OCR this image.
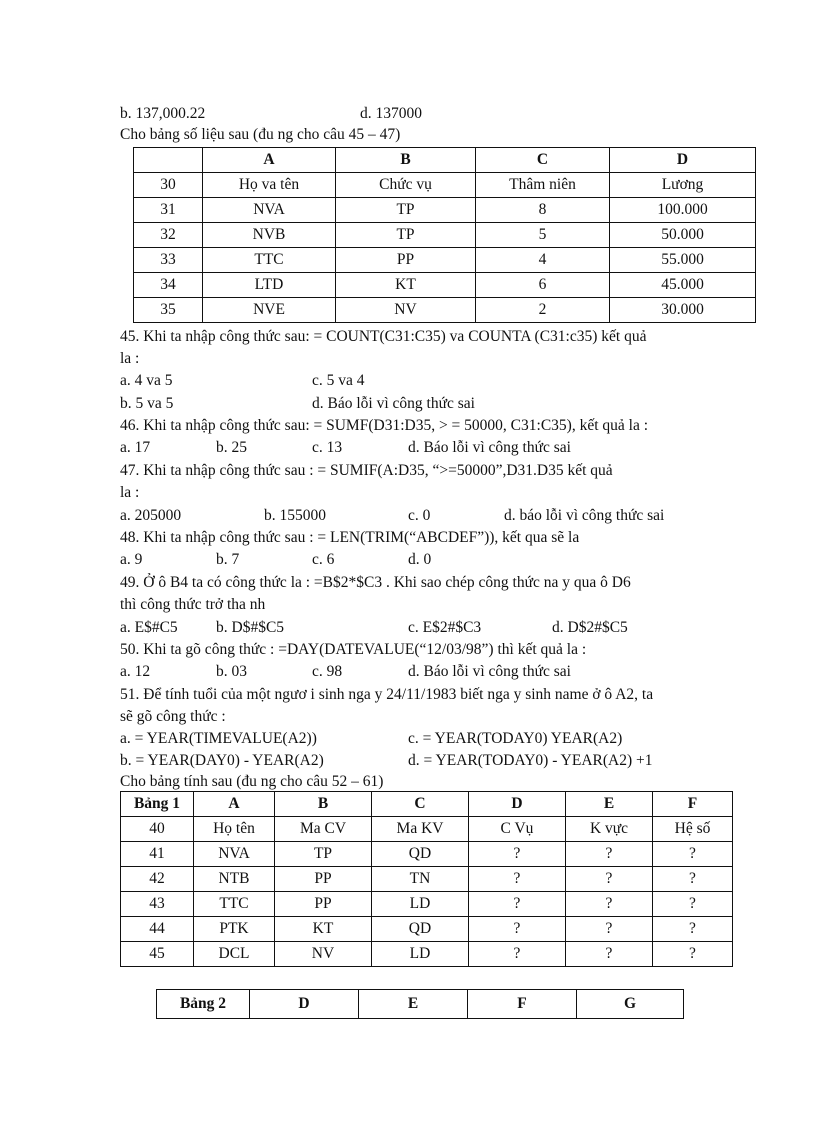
b. 137,000.22	d. 137000
Cho bảng số liệu sau (đu ng cho câu 45 – 47)
	A	B	C	D
30	Họ va tên	Chức vụ	Thâm niên	Lương
31	NVA	TP	8	100.000
32	NVB	TP	5	50.000
33	TTC	PP	4	55.000
34	LTD	KT	6	45.000
35	NVE	NV	2	30.000
45. Khi ta nhập công thức sau: = COUNT(C31:C35) va COUNTA (C31:c35) kết quả
la :
a. 4 va 5	c. 5 va 4
b. 5 va 5	d. Báo lỗi vì công thức sai
46. Khi ta nhập công thức sau: = SUMF(D31:D35, > = 50000, C31:C35), kết quả la :
a. 17	b. 25	c. 13	d. Báo lỗi vì công thức sai
47. Khi ta nhập công thức sau : = SUMIF(A:D35, “>=50000”,D31.D35 kết quả
la :
a. 205000	b. 155000	c. 0	d. báo lỗi vì công thức sai
48. Khi ta nhập công thức sau : = LEN(TRIM(“ABCDEF”)), kết qua sẽ la
a. 9	b. 7	c. 6	d. 0
49. Ở ô B4 ta có công thức la : =B$2*$C3 . Khi sao chép công thức na y qua ô D6
thì công thức trở tha nh
a. E$#C5 b. D$#$C5	c. E$2#$C3	d. D$2#$C5
50. Khi ta gõ công thức : =DAY(DATEVALUE(“12/03/98”) thì kết quả la :
a. 12	b. 03	c. 98	d. Báo lỗi vì công thức sai
51. Để tính tuổi của một ngươ i sinh nga y 24/11/1983 biết nga y sinh name ở ô A2, ta
sẽ gõ công thức :
a. = YEAR(TIMEVALUE(A2))	c. = YEAR(TODAY0) YEAR(A2)
b. = YEAR(DAY0) - YEAR(A2)	d. = YEAR(TODAY0) - YEAR(A2) +1
Cho bảng tính sau (đu ng cho câu 52 – 61)
Bảng 1	A	B	C	D	E	F
40	Họ tên	Ma CV	Ma KV	C Vụ	K vực	Hệ số
41	NVA	TP	QD	?	?	?
42	NTB	PP	TN	?	?	?
43	TTC	PP	LD	?	?	?
44	PTK	KT	QD	?	?	?
45	DCL	NV	LD	?	?	?
Bảng 2	D	E	F	G
